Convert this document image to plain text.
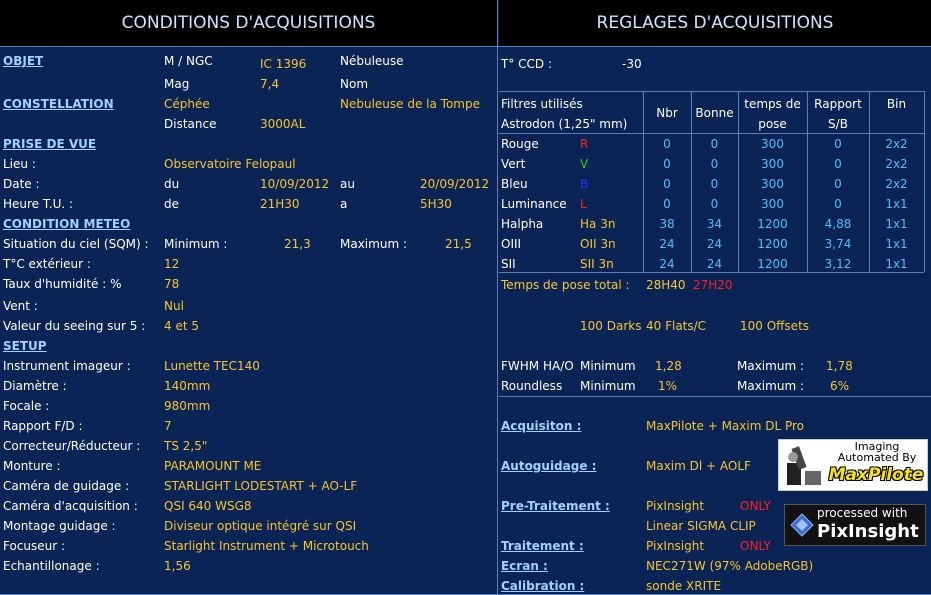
CONDITIONS D'ACQUISITIONS	REGLAGES D'ACQUISITIONS
OBJET	M / NGC	IC 1396	Nébuleuse
Mag	7,4	Nom
CONSTELLATION	Céphée	Nebuleuse de la Tompe
Distance	3000AL
PRISE DE VUE
Lieu :	Observatoire Felopaul
Date :	du	10/09/2012 au	20/09/2012
Heure T.U. :	de	21H30	a	5H30
CONDITION METEO
Situation du ciel (SQM) : Minimum :	21,3 Maximum :	21,5
T°C extérieur :	12
Taux d'humidité : %	78
Vent :	Nul
Valeur du seeing sur 5 : 4 et 5
SETUP
Instrument imageur :	Lunette TEC140
Diamètre :	140mm
Focale :	980mm
Rapport F/D :	7
Correcteur/Réducteur : TS 2,5"
Monture :	PARAMOUNT ME
Caméra de guidage :	STARLIGHT LODESTART + AO-LF
Caméra d'acquisition : QSI 640 WSG8
Montage guidage :	Diviseur optique intégré sur QSI
Focuseur :	Starlight Instrument + Microtouch
Echantillonage :	1,56
T° CCD :	-30
Filtres utilisés
Astrodon (1,25" mm)
Nbr	Bonne
temps de
pose
Rapport
S/B
Bin
Rouge	R	0	0	300	0	2x2
Vert	V	0	0	300	0	2x2
Bleu	B	0	0	300	0	2x2
Luminance L	0	0	300	0	1x1
Halpha	Ha 3n	38	34	1200	4,88	1x1
OIII	OII 3n	24	24	1200	3,74	1x1
SII	SII 3n	24	24	1200	3,12	1x1
Temps de pose total : 28H40 27H20
100 Darks 40 Flats/C	100 Offsets
FWHM HA/O Minimum 1,28	Maximum : 1,78
Roundless Minimum 1%	Maximum : 6%
Acquisiton :	MaxPilote + Maxim DL Pro
Autoguidage :	Maxim Dl + AOLF
Pre-Traitement :	PixInsight	ONLY
Linear SIGMA CLIP
Traitement :	PixInsight	ONLY
Ecran :	NEC271W (97% AdobeRGB)
Calibration :	sonde XRITE
Imaging
Automated By
MaxPilote
processed with
PixInsight
